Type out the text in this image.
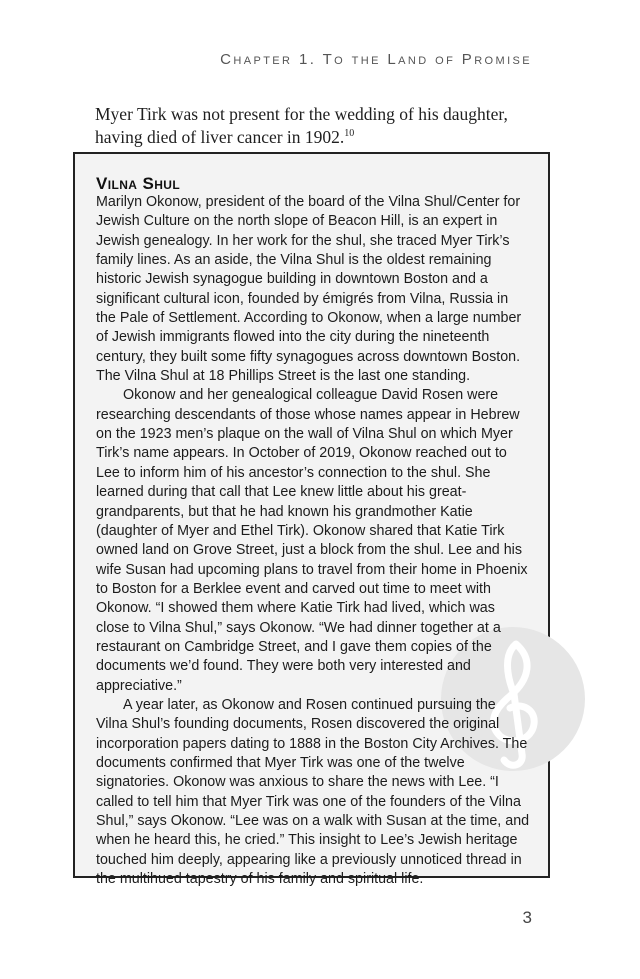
Chapter 1. To the Land of Promise

Myer Tirk was not present for the wedding of his daughter, having died of liver cancer in 1902.10

Vilna Shul

Marilyn Okonow, president of the board of the Vilna Shul/Center for Jewish Culture on the north slope of Beacon Hill, is an expert in Jewish genealogy. In her work for the shul, she traced Myer Tirk’s family lines. As an aside, the Vilna Shul is the oldest remaining historic Jewish synagogue building in downtown Boston and a significant cultural icon, founded by émigrés from Vilna, Russia in the Pale of Settlement. According to Okonow, when a large number of Jewish immigrants flowed into the city during the nineteenth century, they built some fifty synagogues across downtown Boston. The Vilna Shul at 18 Phillips Street is the last one standing.

Okonow and her genealogical colleague David Rosen were researching descendants of those whose names appear in Hebrew on the 1923 men’s plaque on the wall of Vilna Shul on which Myer Tirk’s name appears. In October of 2019, Okonow reached out to Lee to inform him of his ancestor’s connection to the shul. She learned during that call that Lee knew little about his great-grandparents, but that he had known his grandmother Katie (daughter of Myer and Ethel Tirk). Okonow shared that Katie Tirk owned land on Grove Street, just a block from the shul. Lee and his wife Susan had upcoming plans to travel from their home in Phoenix to Boston for a Berklee event and carved out time to meet with Okonow. “I showed them where Katie Tirk had lived, which was close to Vilna Shul,” says Okonow. “We had dinner together at a restaurant on Cambridge Street, and I gave them copies of the documents we’d found. They were both very interested and appreciative.”

A year later, as Okonow and Rosen continued pursuing the Vilna Shul’s founding documents, Rosen discovered the original incorporation papers dating to 1888 in the Boston City Archives. The documents confirmed that Myer Tirk was one of the twelve signatories. Okonow was anxious to share the news with Lee. “I called to tell him that Myer Tirk was one of the founders of the Vilna Shul,” says Okonow. “Lee was on a walk with Susan at the time, and when he heard this, he cried.” This insight to Lee’s Jewish heritage touched him deeply, appearing like a previously unnoticed thread in the multihued tapestry of his family and spiritual life.

3
